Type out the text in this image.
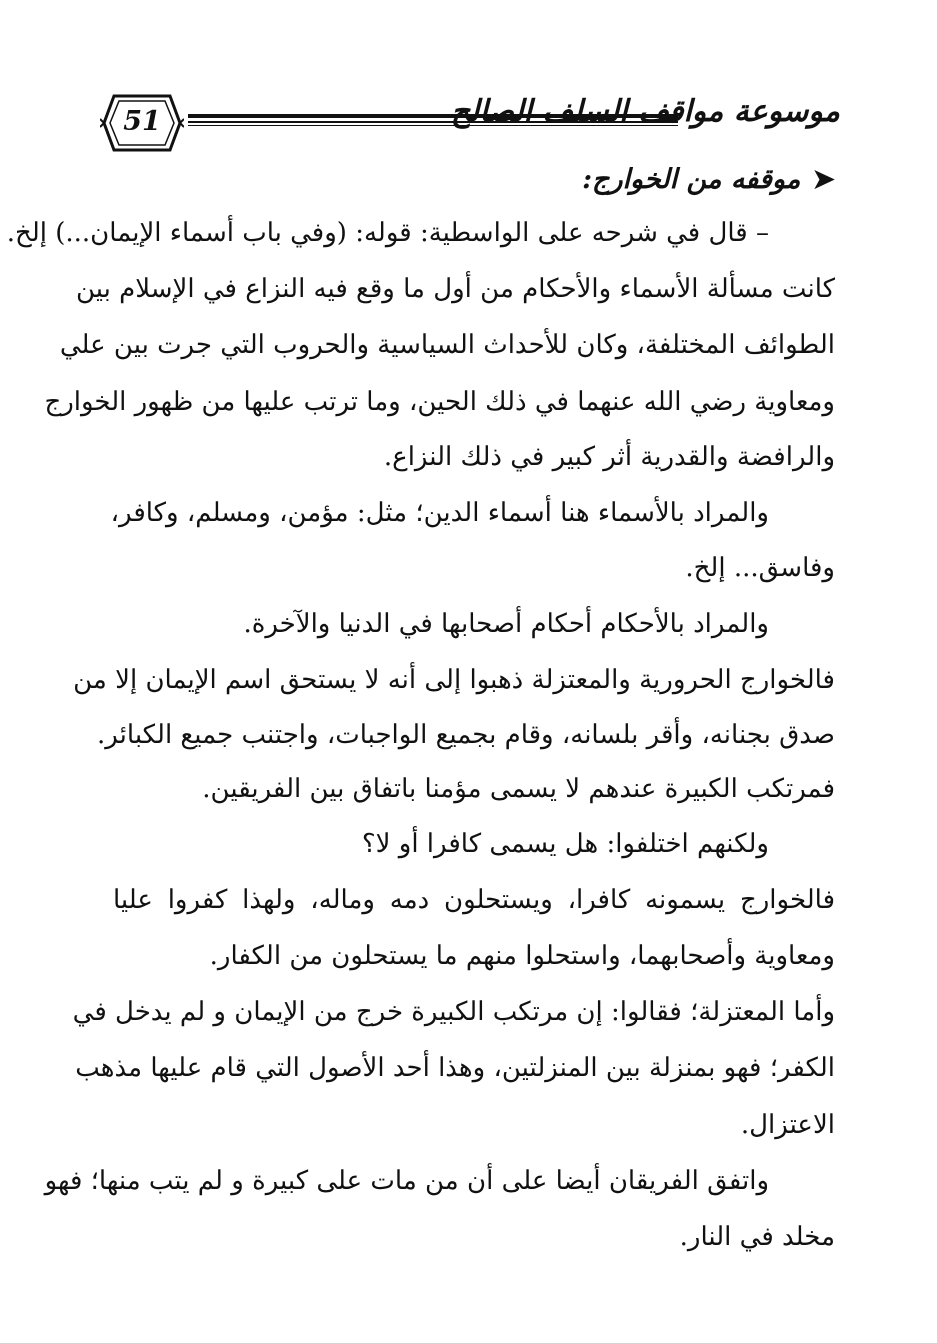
51	موسوعة مواقف السلف الصالح
➤موقفه من الخوارج:
– قال في شرحه على الواسطية: قوله: (وفي باب أسماء الإيمان...) إلخ.
كانت مسألة الأسماء والأحكام من أول ما وقع فيه النزاع في الإسلام بين
الطوائف المختلفة، وكان للأحداث السياسية والحروب التي جرت بين علي
ومعاوية رضي الله عنهما في ذلك الحين، وما ترتب عليها من ظهور الخوارج
والرافضة والقدرية أثر كبير في ذلك النزاع.
والمراد بالأسماء هنا أسماء الدين؛ مثل: مؤمن، ومسلم، وكافر،
وفاسق... إلخ.
والمراد بالأحكام أحكام أصحابها في الدنيا والآخرة.
فالخوارج الحرورية والمعتزلة ذهبوا إلى أنه لا يستحق اسم الإيمان إلا من
صدق بجنانه، وأقر بلسانه، وقام بجميع الواجبات، واجتنب جميع الكبائر.
فمرتكب الكبيرة عندهم لا يسمى مؤمنا باتفاق بين الفريقين.
ولكنهم اختلفوا: هل يسمى كافرا أو لا؟
فالخوارج يسمونه كافرا، ويستحلون دمه وماله، ولهذا كفروا عليا
ومعاوية وأصحابهما، واستحلوا منهم ما يستحلون من الكفار.
وأما المعتزلة؛ فقالوا: إن مرتكب الكبيرة خرج من الإيمان و لم يدخل في
الكفر؛ فهو بمنزلة بين المنزلتين، وهذا أحد الأصول التي قام عليها مذهب
الاعتزال.
واتفق الفريقان أيضا على أن من مات على كبيرة و لم يتب منها؛ فهو
مخلد في النار.
